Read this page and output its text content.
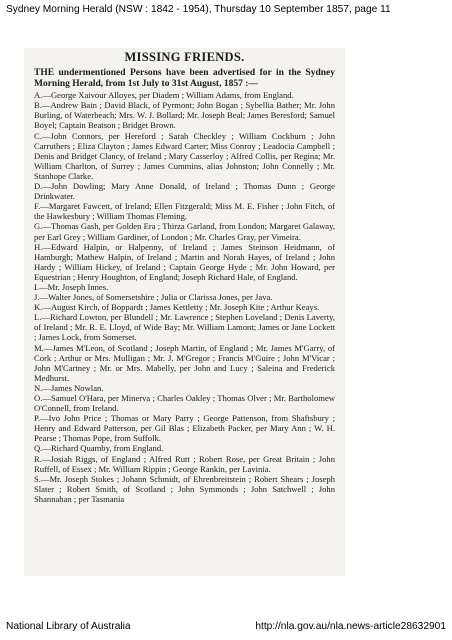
Sydney Morning Herald (NSW : 1842 - 1954), Thursday 10 September 1857, page 11
MISSING FRIENDS.

THE undermentioned Persons have been advertised for in the Sydney Morning Herald, from 1st July to 31st August, 1857 :—

A.—George Xaivour Alloyes, per Diadem ; William Adams, from England.

B.—Andrew Bain ; David Black, of Pyrmont; John Bogan ; Sybellia Bather; Mr. John Burling, of Waterbeach; Mrs. W. J. Bollard; Mr. Joseph Beal; James Beresford; Samuel Boyel; Captain Beatson ; Bridget Brown.

C.—John Connors, per Hereford ; Sarah Checkley ; William Cockburn ; John Carruthers ; Eliza Clayton ; James Edward Carter; Miss Conroy ; Leadocia Campbell ; Denis and Bridget Clancy, of Ireland ; Mary Casserloy ; Alfred Collis, per Regina; Mr. William Charlton, of Surrey ; James Cummins, alias Johnston; John Connelly ; Mr. Stanhope Clarke.

D.—John Dowling; Mary Anne Donald, of Ireland ; Thomas Dunn ; George Drinkwater.

F.—Margaret Fawcett, of Ireland; Ellen Fitzgerald; Miss M. E. Fisher ; John Fitch, of the Hawkesbury ; William Thomas Fleming.

G.—Thomas Gash, per Golden Era ; Thirza Garland, from London; Margaret Galaway, per Earl Grey ; William Gardiner, of London ; Mr. Charles Gray, per Vimeira.

H.—Edward Halpin, or Halpenny, of Ireland ; James Steinson Heidmann, of Hamburgh; Mathew Halpin, of Ireland ; Martin and Norah Hayes, of Ireland ; John Hardy ; William Hickey, of Ireland ; Captain George Hyde ; Mr. John Howard, per Equestrian ; Henry Houghton, of England; Joseph Richard Hale, of England.

I.—Mr. Joseph Innes.

J.—Walter Jones, of Somersetshire ; Julia or Clarissa Jones, per Java.

K.—August Kirch, of Boppardt ; James Kettletty ; Mr. Joseph Kite ; Arthur Keays.

L.—Richard Lowton, per Blundell ; Mr. Lawrence ; Stephen Loveland ; Denis Laverty, of Ireland ; Mr. R. E. Lloyd, of Wide Bay; Mr. William Lamont; James or Jane Lockett ; James Lock, from Somerset.

M.—James M'Leon, of Scotland ; Joseph Martin, of England ; Mr. James M'Garry, of Cork ; Arthur or Mrs. Mulligan ; Mr. J. M'Gregor ; Francis M'Guire ; John M'Vicar ; John M'Cartney ; Mr. or Mrs. Mabelly, per John and Lucy ; Saleina and Frederick Medhurst.

N.—James Nowlan.

O.—Samuel O'Hara, per Minerva ; Charles Oakley ; Thomas Olver ; Mr. Bartholomew O'Connell, from Ireland.

P.—Ivo John Price ; Thomas or Mary Parry ; George Pattenson, from Shaftsbury ; Henry and Edward Patterson, per Gil Blas ; Elizabeth Packer, per Mary Ann ; W. H. Pearse ; Thomas Pope, from Suffolk.

Q.—Richard Quamby, from England.

R.—Josiah Riggs, of England ; Alfred Rutt ; Robert Rose, per Great Britain ; John Ruffell, of Essex ; Mr. William Rippin ; George Rankin, per Lavinia.

S.—Mr. Joseph Stokes ; Johann Schmidt, of Ehrenbreitstein ; Robert Shears ; Joseph Slater ; Robert Smith, of Scotland ; John Symmonds ; John Satchwell ; John Shannahan ; per Tasmania

National Library of Australia	http://nla.gov.au/nla.news-article28632901
